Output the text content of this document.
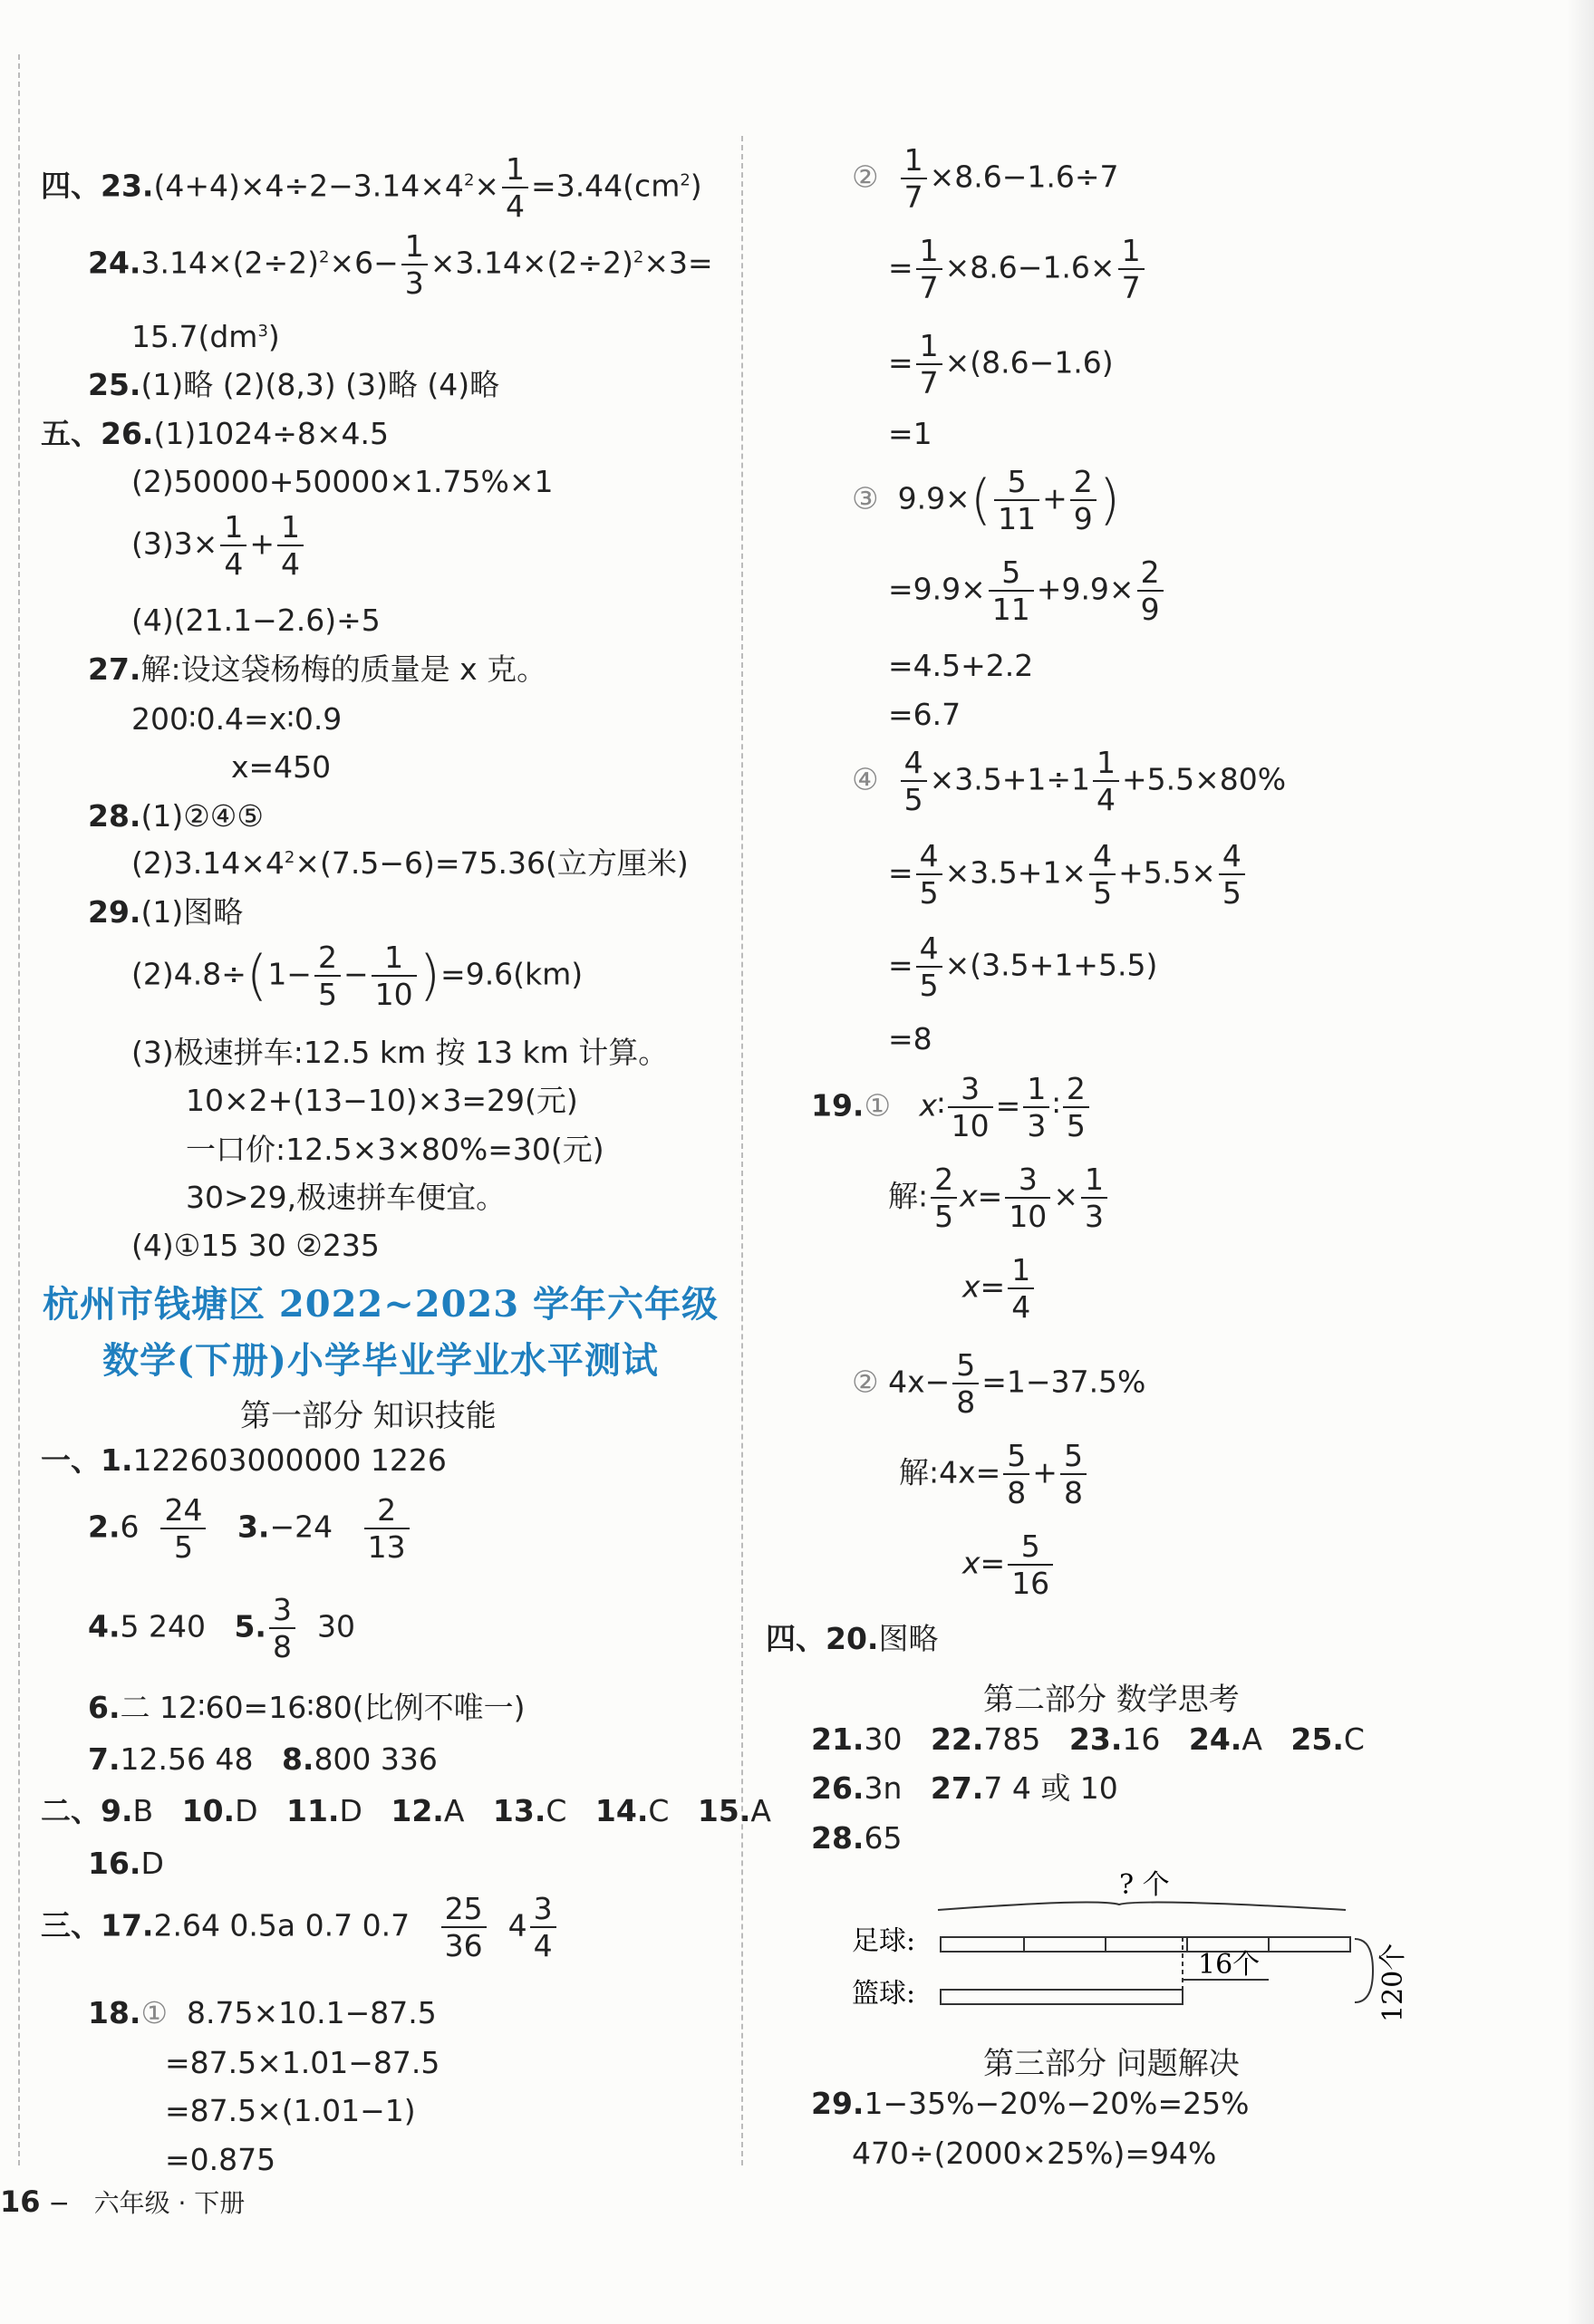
四、$23.(4+4)\times 4\div 2-3.14\times 4^2\times \frac{1}{4} =3.44(cm^2)$
$24.3.14\times(2\div 2)^2\times 6- \frac{1}{3} \times 3.14\times(2\div 2)^2\times 3=$
$15.7(dm^3)$
25.(1)略 (2)(8,3) (3)略 (4)略
五、26.(1)1024÷8×4.5
(2)50000+50000×1.75%×1
$(3)3\times \frac{1}{4} + \frac{1}{4}$
(4)(21.1−2.6)÷5
27.解:设这袋杨梅的质量是 x 克。
200∶0.4=x∶0.9
x=450
28.(1)②④⑤
$(2)3.14\times 4^2\times(7.5-6)=75.36$(立方厘米)
29.(1)图略
$(2)4.8\div(1- \frac{2}{5} - \frac{1}{10} )=9.6(km)$
(3)极速拼车:12.5 km 按 13 km 计算。
10×2+(13−10)×3=29(元)
一口价:12.5×3×80%=30(元)
30>29,极速拼车便宜。
(4)①15 30 ②235
杭州市钱塘区 2022~2023 学年六年级
数学(下册)小学毕业学业水平测试
第一部分 知识技能
一、1.122603000000 1226
$2.6 \frac{24}{5} 3.-24 \frac{2}{13}$
4.5 240 5. $\frac{3}{8} 30$
6.二 12∶60=16∶80(比例不唯一)
7.12.56 48 8.800 336
二、9.B 10.D 11.D 12.A 13.C 14.C 15.A
16.D
三、17.2.64 0.5a 0.7 $0.7 \frac{25}{36} 4 \frac{3}{4}$
18.① 8.75×10.1−87.5
=87.5×1.01−87.5
=87.5×(1.01−1)
=0.875
② $\frac{1}{7} \times 8.6-1.6\div 7$
= $\frac{1}{7} \times 8.6-1.6\times \frac{1}{7}$
= $\frac{1}{7} \times(8.6-1.6)$
=1
③ $9.9\times( \frac{5}{11} + \frac{2}{9}$ )
$=9.9\times \frac{5}{11} +9.9\times \frac{2}{9}$
=4.5+2.2
=6.7
④ $\frac{4}{5} \times 3.5+1\div 1 \frac{1}{4} +5.5\times 80\%$
= $\frac{4}{5} \times 3.5+1\times \frac{4}{5} +5.5\times \frac{4}{5}$
= $\frac{4}{5} \times(3.5+1+5.5)$
=8
19.① x∶ $\frac{3}{10} = \frac{1}{3}$ ∶ $\frac{2}{5}$
解: $\frac{2}{5} x= \frac{3}{10} \times \frac{1}{3}$
$x= \frac{1}{4}$
② $4x- \frac{5}{8} =1-37.5\%$
解:4x= $\frac{5}{8} + \frac{5}{8}$
$x= \frac{5}{16}$
四、20.图略
第二部分 数学思考
21.30 22.785 23.16 24.A 25.C
26.3n 27.7 4 或 10
28.65
? 个
足球:
篮球:
16个	120个
第三部分 问题解决
29.1−35%−20%−20%=25%
470÷(2000×25%)=94%
16 − 六年级 · 下册
